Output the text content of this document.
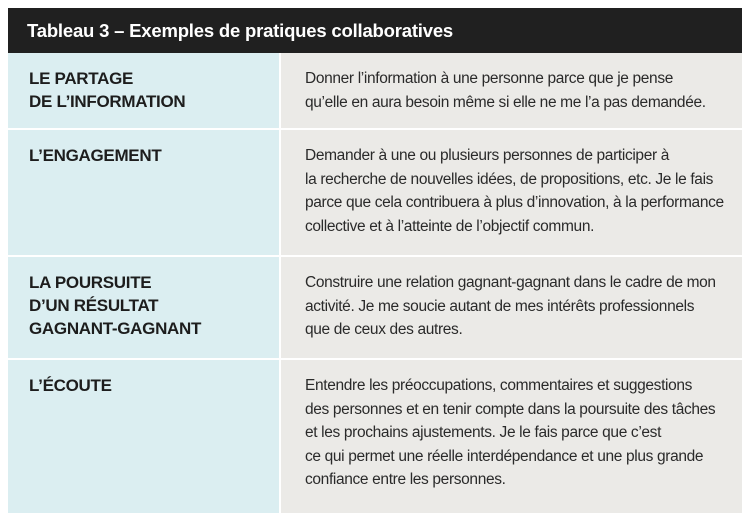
Tableau 3 – Exemples de pratiques collaboratives
LE PARTAGE
DE L’INFORMATION
Donner l’information à une personne parce que je pense
qu’elle en aura besoin même si elle ne me l’a pas demandée.
L’ENGAGEMENT	Demander à une ou plusieurs personnes de participer à
la recherche de nouvelles idées, de propositions, etc. Je le fais
parce que cela contribuera à plus d’innovation, à la performance
collective et à l’atteinte de l’objectif commun.
LA POURSUITE
D’UN RÉSULTAT
GAGNANT-GAGNANT
Construire une relation gagnant-gagnant dans le cadre de mon
activité. Je me soucie autant de mes intérêts professionnels
que de ceux des autres.
L’ÉCOUTE	Entendre les préoccupations, commentaires et suggestions
des personnes et en tenir compte dans la poursuite des tâches
et les prochains ajustements. Je le fais parce que c’est
ce qui permet une réelle interdépendance et une plus grande
confiance entre les personnes.
